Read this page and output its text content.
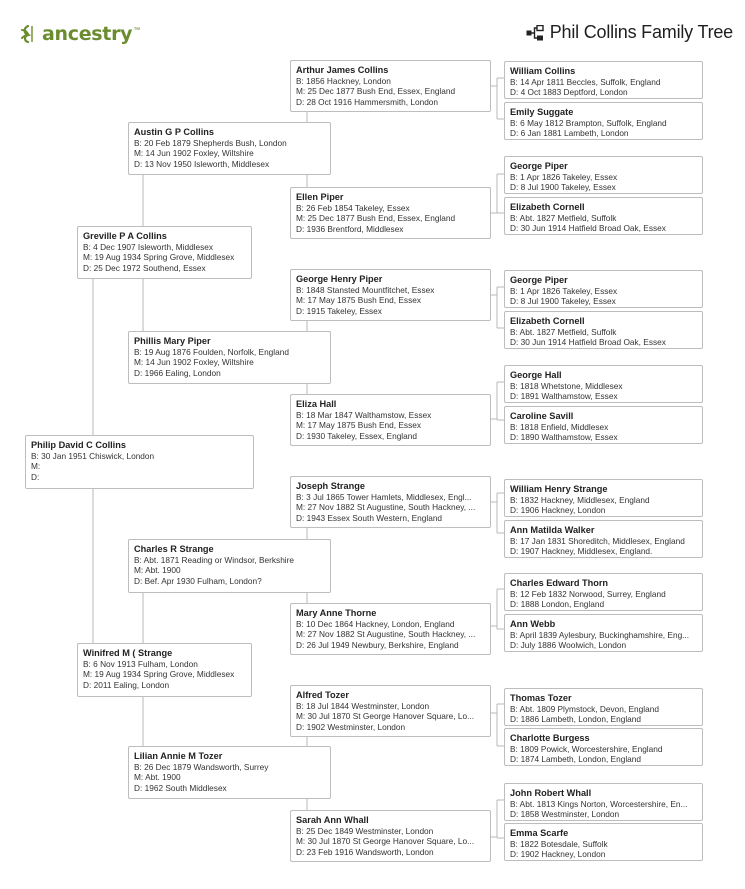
ancestry ™	Phil Collins Family Tree
Philip David C Collins
B: 30 Jan 1951 Chiswick, London
M:
D:
Greville P A Collins
B: 4 Dec 1907 Isleworth, Middlesex
M: 19 Aug 1934 Spring Grove, Middlesex
D: 25 Dec 1972 Southend, Essex
Winifred M ( Strange
B: 6 Nov 1913 Fulham, London
M: 19 Aug 1934 Spring Grove, Middlesex
D: 2011 Ealing, London
Austin G P Collins
B: 20 Feb 1879 Shepherds Bush, London
M: 14 Jun 1902 Foxley, Wiltshire
D: 13 Nov 1950 Isleworth, Middlesex
Phillis Mary Piper
B: 19 Aug 1876 Foulden, Norfolk, England
M: 14 Jun 1902 Foxley, Wiltshire
D: 1966 Ealing, London
Charles R Strange
B: Abt. 1871 Reading or Windsor, Berkshire
M: Abt. 1900
D: Bef. Apr 1930 Fulham, London?
Lilian Annie M Tozer
B: 26 Dec 1879 Wandsworth, Surrey
M: Abt. 1900
D: 1962 South Middlesex
Arthur James Collins
B: 1856 Hackney, London
M: 25 Dec 1877 Bush End, Essex, England
D: 28 Oct 1916 Hammersmith, London
Ellen Piper
B: 26 Feb 1854 Takeley, Essex
M: 25 Dec 1877 Bush End, Essex, England
D: 1936 Brentford, Middlesex
George Henry Piper
B: 1848 Stansted Mountfitchet, Essex
M: 17 May 1875 Bush End, Essex
D: 1915 Takeley, Essex
Eliza Hall
B: 18 Mar 1847 Walthamstow, Essex
M: 17 May 1875 Bush End, Essex
D: 1930 Takeley, Essex, England
Joseph Strange
B: 3 Jul 1865 Tower Hamlets, Middlesex, Engl...
M: 27 Nov 1882 St Augustine, South Hackney, ...
D: 1943 Essex South Western, England
Mary Anne Thorne
B: 10 Dec 1864 Hackney, London, England
M: 27 Nov 1882 St Augustine, South Hackney, ...
D: 26 Jul 1949 Newbury, Berkshire, England
Alfred Tozer
B: 18 Jul 1844 Westminster, London
M: 30 Jul 1870 St George Hanover Square, Lo...
D: 1902 Westminster, London
Sarah Ann Whall
B: 25 Dec 1849 Westminster, London
M: 30 Jul 1870 St George Hanover Square, Lo...
D: 23 Feb 1916 Wandsworth, London
William Collins
B: 14 Apr 1811 Beccles, Suffolk, England
D: 4 Oct 1883 Deptford, London
Emily Suggate
B: 6 May 1812 Brampton, Suffolk, England
D: 6 Jan 1881 Lambeth, London
George Piper
B: 1 Apr 1826 Takeley, Essex
D: 8 Jul 1900 Takeley, Essex
Elizabeth Cornell
B: Abt. 1827 Metfield, Suffolk
D: 30 Jun 1914 Hatfield Broad Oak, Essex
George Piper
B: 1 Apr 1826 Takeley, Essex
D: 8 Jul 1900 Takeley, Essex
Elizabeth Cornell
B: Abt. 1827 Metfield, Suffolk
D: 30 Jun 1914 Hatfield Broad Oak, Essex
George Hall
B: 1818 Whetstone, Middlesex
D: 1891 Walthamstow, Essex
Caroline Savill
B: 1818 Enfield, Middlesex
D: 1890 Walthamstow, Essex
William Henry Strange
B: 1832 Hackney, Middlesex, England
D: 1906 Hackney, London
Ann Matilda Walker
B: 17 Jan 1831 Shoreditch, Middlesex, England
D: 1907 Hackney, Middlesex, England.
Charles Edward Thorn
B: 12 Feb 1832 Norwood, Surrey, England
D: 1888 London, England
Ann Webb
B: April 1839 Aylesbury, Buckinghamshire, Eng...
D: July 1886 Woolwich, London
Thomas Tozer
B: Abt. 1809 Plymstock, Devon, England
D: 1886 Lambeth, London, England
Charlotte Burgess
B: 1809 Powick, Worcestershire, England
D: 1874 Lambeth, London, England
John Robert Whall
B: Abt. 1813 Kings Norton, Worcestershire, En...
D: 1858 Westminster, London
Emma Scarfe
B: 1822 Botesdale, Suffolk
D: 1902 Hackney, London
